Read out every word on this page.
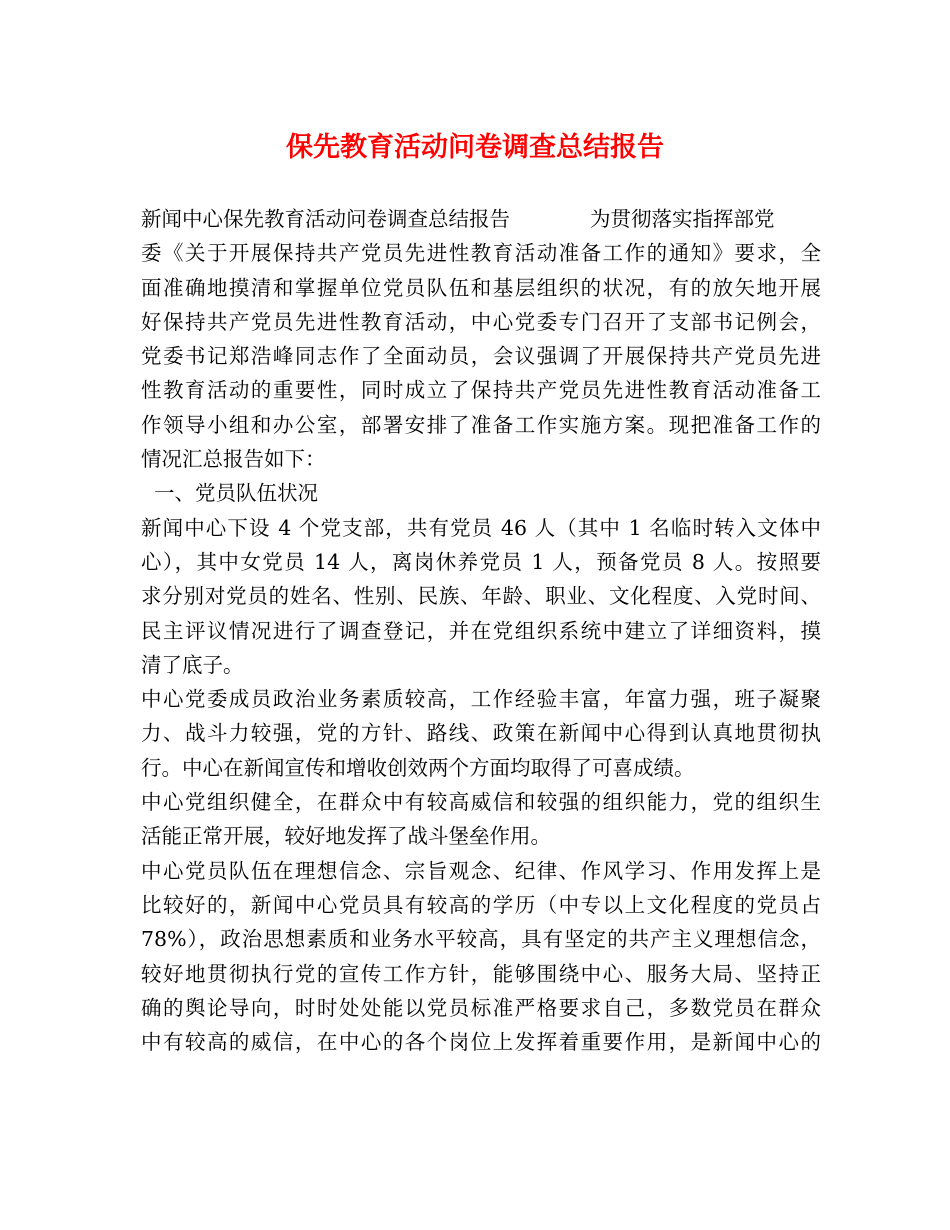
保先教育活动问卷调查总结报告
新闻中心保先教育活动问卷调查总结报告	为贯彻落实指挥部党
委《关于开展保持共产党员先进性教育活动准备工作的通知》要求，全
面准确地摸清和掌握单位党员队伍和基层组织的状况，有的放矢地开展
好保持共产党员先进性教育活动，中心党委专门召开了支部书记例会，
党委书记郑浩峰同志作了全面动员，会议强调了开展保持共产党员先进
性教育活动的重要性，同时成立了保持共产党员先进性教育活动准备工
作领导小组和办公室，部署安排了准备工作实施方案。现把准备工作的
情况汇总报告如下：
一、党员队伍状况
新闻中心下设 4 个党支部，共有党员 46 人（其中 1 名临时转入文体中
心），其中女党员 14 人，离岗休养党员 1 人，预备党员 8 人。按照要
求分别对党员的姓名、性别、民族、年龄、职业、文化程度、入党时间、
民主评议情况进行了调查登记，并在党组织系统中建立了详细资料，摸
清了底子。
中心党委成员政治业务素质较高，工作经验丰富，年富力强，班子凝聚
力、战斗力较强，党的方针、路线、政策在新闻中心得到认真地贯彻执
行。中心在新闻宣传和增收创效两个方面均取得了可喜成绩。
中心党组织健全，在群众中有较高威信和较强的组织能力，党的组织生
活能正常开展，较好地发挥了战斗堡垒作用。
中心党员队伍在理想信念、宗旨观念、纪律、作风学习、作用发挥上是
比较好的，新闻中心党员具有较高的学历（中专以上文化程度的党员占
78%），政治思想素质和业务水平较高，具有坚定的共产主义理想信念，
较好地贯彻执行党的宣传工作方针，能够围绕中心、服务大局、坚持正
确的舆论导向，时时处处能以党员标准严格要求自己，多数党员在群众
中有较高的威信，在中心的各个岗位上发挥着重要作用，是新闻中心的
